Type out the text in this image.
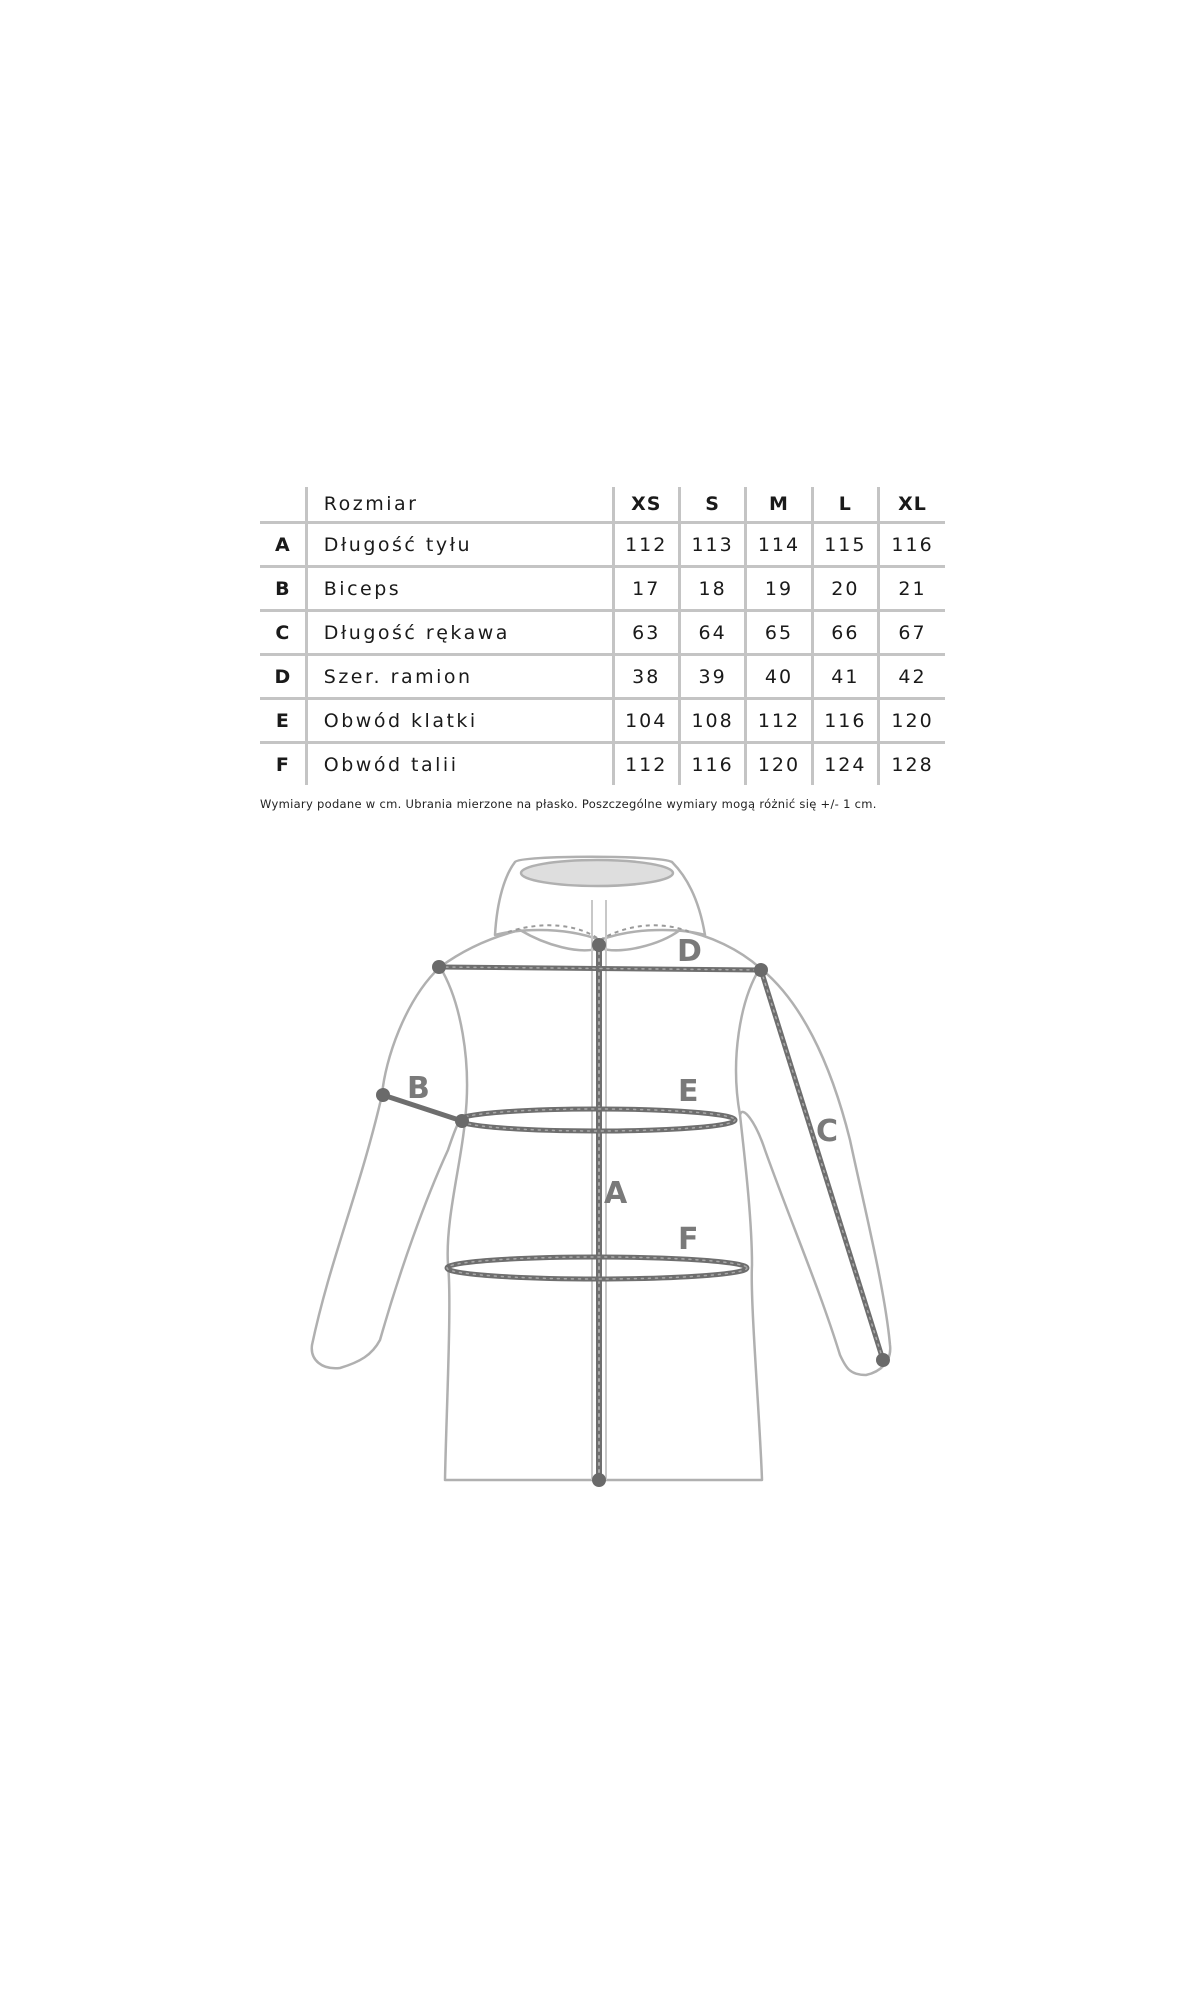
	Rozmiar	XS	S	M	L	XL
A	Długość tyłu	112	113	114	115	116
B	Biceps	17	18	19	20	21
C	Długość rękawa	63	64	65	66	67
D	Szer. ramion	38	39	40	41	42
E	Obwód klatki	104	108	112	116	120
F	Obwód talii	112	116	120	124	128
Wymiary podane w cm. Ubrania mierzone na płasko. Poszczególne wymiary mogą różnić się +/- 1 cm.
A
B
C
D
E
F
